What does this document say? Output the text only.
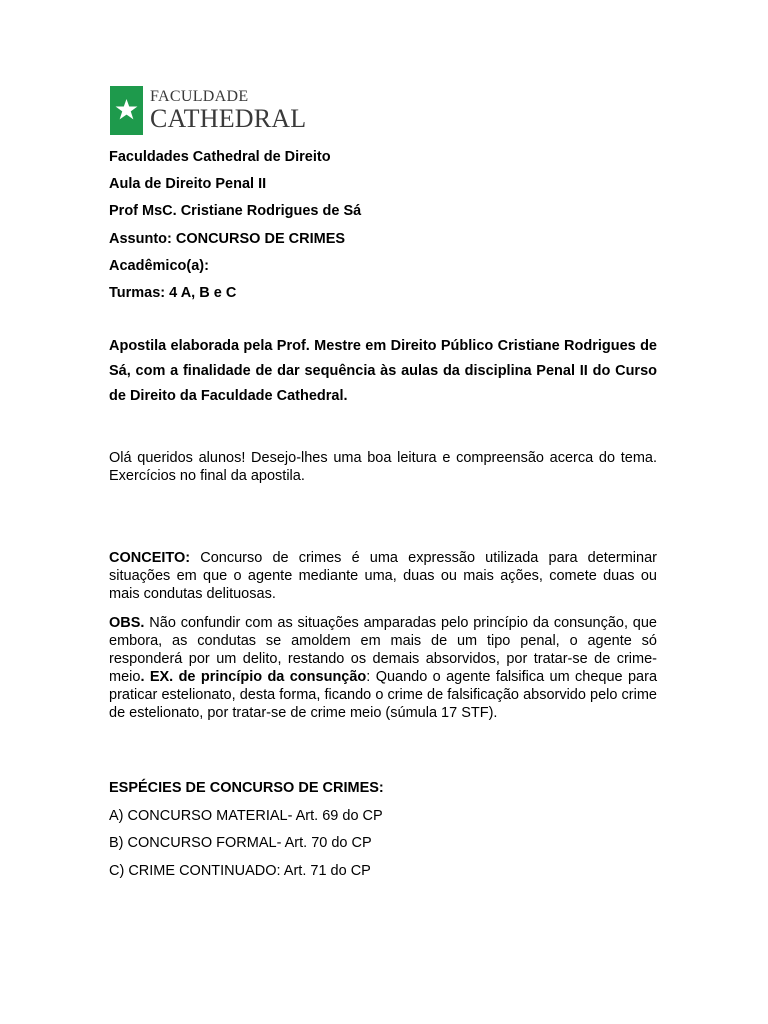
FACULDADE
CATHEDRAL
Faculdades Cathedral de Direito
Aula de Direito Penal II
Prof MsC. Cristiane Rodrigues de Sá
Assunto: CONCURSO DE CRIMES
Acadêmico(a):
Turmas: 4 A, B e C
Apostila elaborada pela Prof. Mestre em Direito Público Cristiane Rodrigues de Sá, com a finalidade de dar sequência às aulas da disciplina Penal II do Curso de Direito da Faculdade Cathedral.
Olá queridos alunos! Desejo-lhes uma boa leitura e compreensão acerca do tema. Exercícios no final da apostila.
CONCEITO: Concurso de crimes é uma expressão utilizada para determinar situações em que o agente mediante uma, duas ou mais ações, comete duas ou mais condutas delituosas.
OBS. Não confundir com as situações amparadas pelo princípio da consunção, que embora, as condutas se amoldem em mais de um tipo penal, o agente só responderá por um delito, restando os demais absorvidos, por tratar-se de crime-meio. EX. de princípio da consunção: Quando o agente falsifica um cheque para praticar estelionato, desta forma, ficando o crime de falsificação absorvido pelo crime de estelionato, por tratar-se de crime meio (súmula 17 STF).
ESPÉCIES DE CONCURSO DE CRIMES:
A) CONCURSO MATERIAL- Art. 69 do CP
B) CONCURSO FORMAL- Art. 70 do CP
C) CRIME CONTINUADO: Art. 71 do CP
